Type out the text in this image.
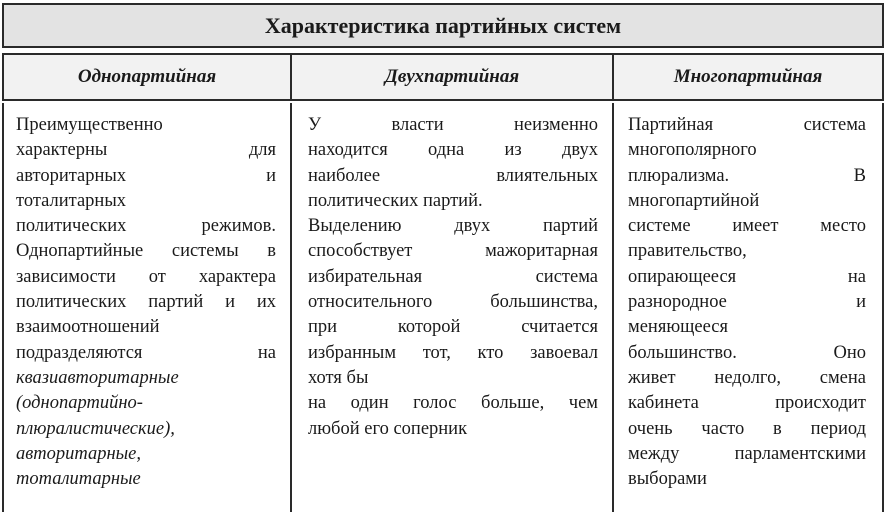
Характеристика партийных систем
Однопартийная	Двухпартийная	Многопартийная
Преимущественно
характерны для
авторитарных и
тоталитарных
политических режимов.
Однопартийные системы в
зависимости от характера
политических партий и их
взаимоотношений
подразделяются на
квазиавторитарные
(однопартийно-
плюралистические),
авторитарные,
тоталитарные
У власти неизменно
находится одна из двух
наиболее влиятельных
политических партий.
Выделению двух партий
способствует мажоритарная
избирательная система
относительного большинства,
при которой считается
избранным тот, кто завоевал
хотя бы
на один голос больше, чем
любой его соперник
Партийная система
многополярного
плюрализма. В
многопартийной
системе имеет место
правительство,
опирающееся на
разнородное и
меняющееся
большинство. Оно
живет недолго, смена
кабинета происходит
очень часто в период
между парламентскими
выборами
